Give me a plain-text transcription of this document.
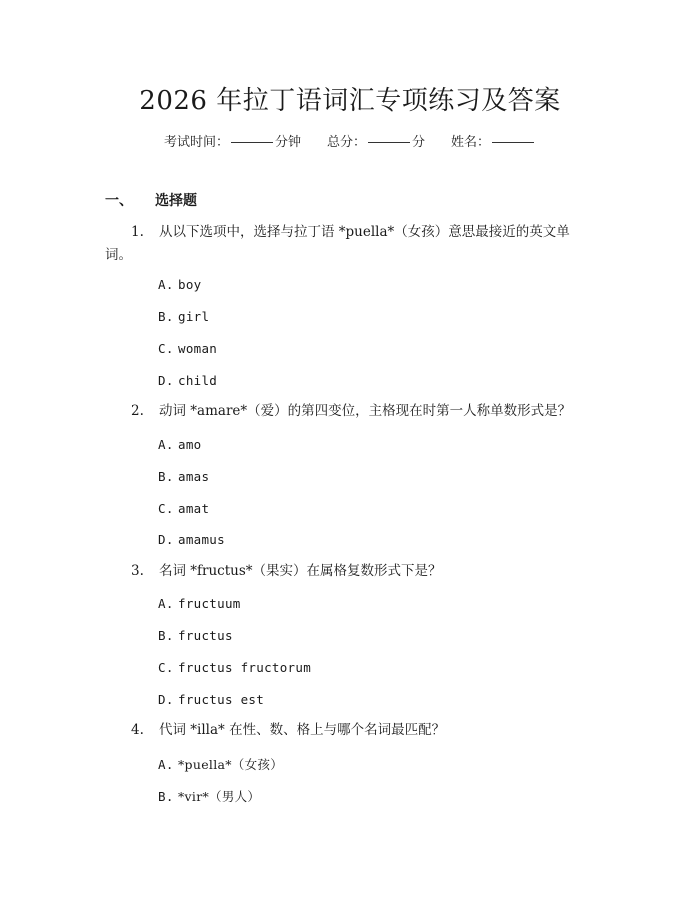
2026 年拉丁语词汇专项练习及答案
考试时间：	分钟 总分：	分 姓名：
一、 选择题
1. 从以下选项中，选择与拉丁语 *puella*（女孩）意思最接近的英文单
词。
A. boy
B. girl
C. woman
D. child
2. 动词 *amare*（爱）的第四变位，主格现在时第一人称单数形式是？
A. amo
B. amas
C. amat
D. amamus
3. 名词 *fructus*（果实）在属格复数形式下是？
A. fructuum
B. fructus
C. fructus fructorum
D. fructus est
4. 代词 *illa* 在性、数、格上与哪个名词最匹配？
A. *puella*（女孩）
B. *vir*（男人）
